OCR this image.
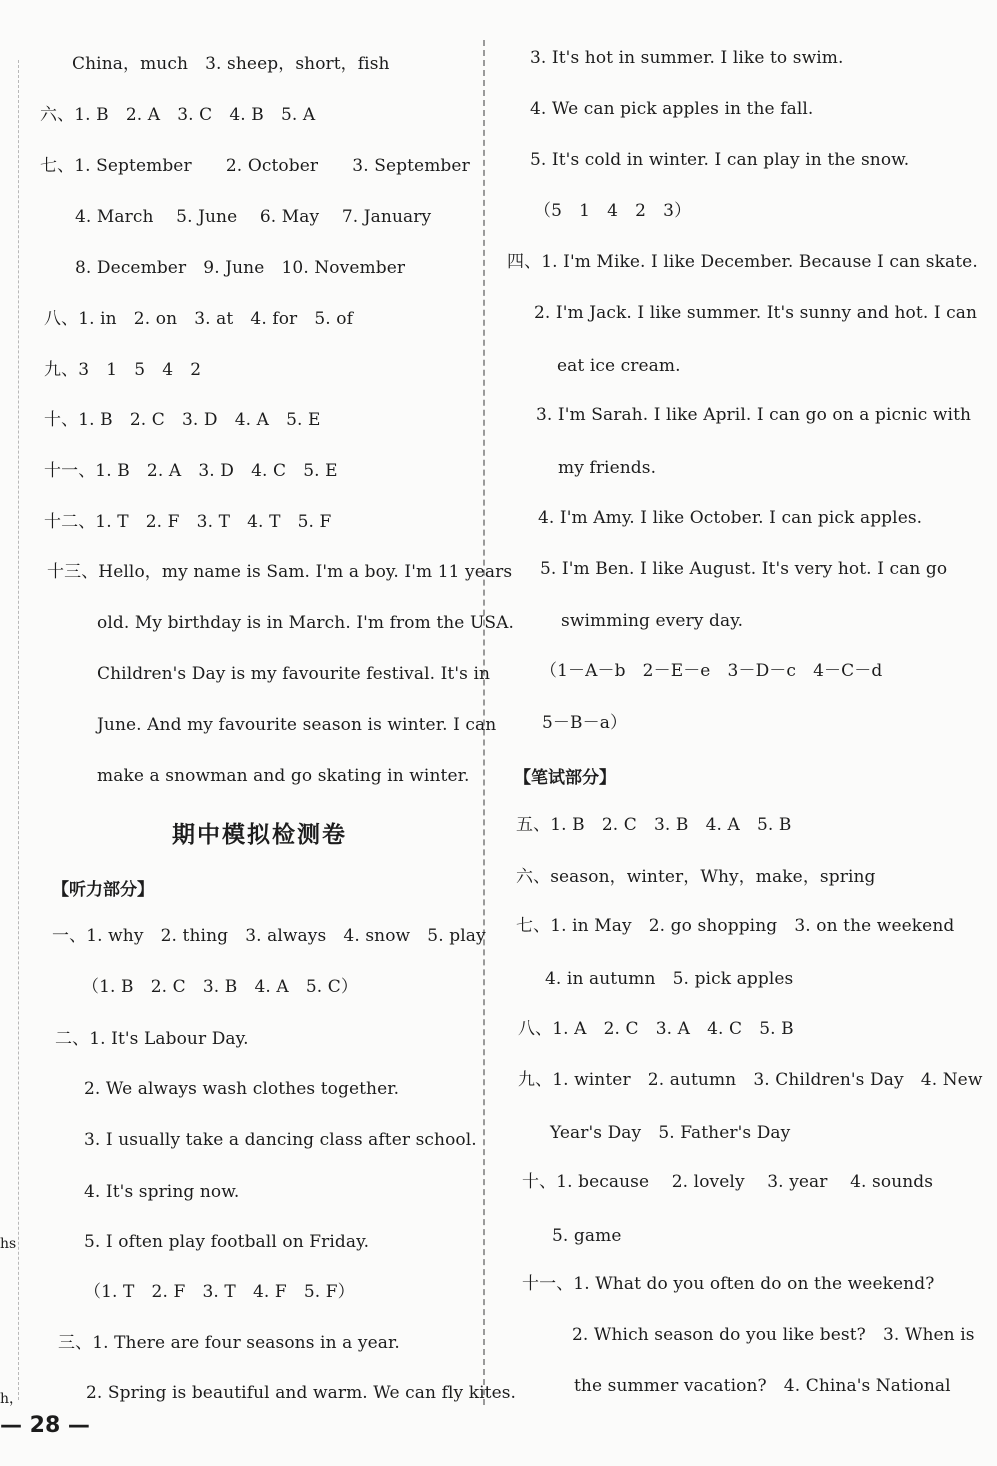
China，much　3. sheep，short，fish
六、1. B　2. A　3. C　4. B　5. A
七、1. September　　2. October　　3. September
4. March　 5. June　 6. May　 7. January
8. December　9. June　10. November
八、1. in　2. on　3. at　4. for　5. of
九、3　1　5　4　2
十、1. B　2. C　3. D　4. A　5. E
十一、1. B　2. A　3. D　4. C　5. E
十二、1. T　2. F　3. T　4. T　5. F
十三、Hello，my name is Sam. I'm a boy. I'm 11 years
old. My birthday is in March. I'm from the USA.
Children's Day is my favourite festival. It's in
June. And my favourite season is winter. I can
make a snowman and go skating in winter.
期中模拟检测卷
【听力部分】
一、1. why　2. thing　3. always　4. snow　5. play
（1. B　2. C　3. B　4. A　5. C）
二、1. It's Labour Day.
2. We always wash clothes together.
3. I usually take a dancing class after school.
4. It's spring now.
5. I often play football on Friday.
（1. T　2. F　3. T　4. F　5. F）
三、1. There are four seasons in a year.
2. Spring is beautiful and warm. We can fly kites.
3. It's hot in summer. I like to swim.
4. We can pick apples in the fall.
5. It's cold in winter. I can play in the snow.
（5　1　4　2　3）
四、1. I'm Mike. I like December. Because I can skate.
2. I'm Jack. I like summer. It's sunny and hot. I can
eat ice cream.
3. I'm Sarah. I like April. I can go on a picnic with
my friends.
4. I'm Amy. I like October. I can pick apples.
5. I'm Ben. I like August. It's very hot. I can go
swimming every day.
（1－A－b　2－E－e　3－D－c　4－C－d
5－B－a）
【笔试部分】
五、1. B　2. C　3. B　4. A　5. B
六、season，winter，Why，make，spring
七、1. in May　2. go shopping　3. on the weekend
4. in autumn　5. pick apples
八、1. A　2. C　3. A　4. C　5. B
九、1. winter　2. autumn　3. Children's Day　4. New
Year's Day　5. Father's Day
十、1. because　 2. lovely　 3. year　 4. sounds
5. game
十一、1. What do you often do on the weekend?
2. Which season do you like best?　3. When is
the summer vacation?　4. China's National
hs
h，
— 28 —
